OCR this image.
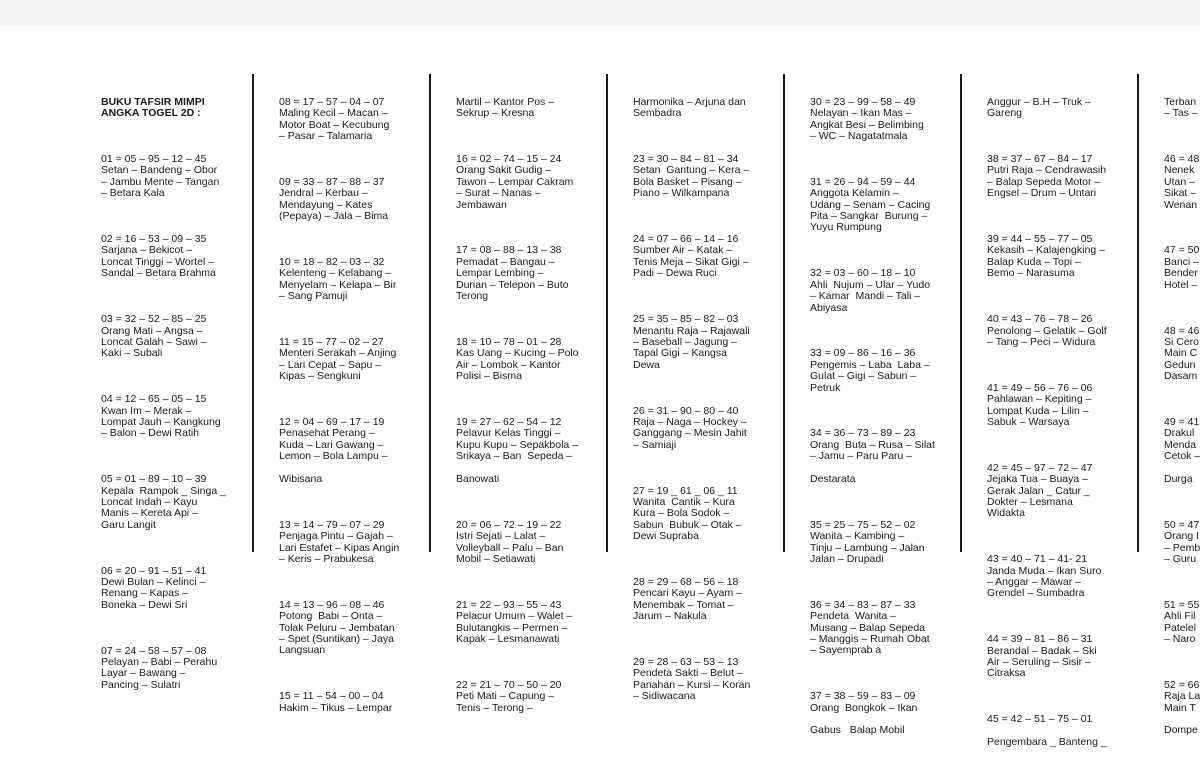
BUKU TAFSIR MIMPI
ANGKA TOGEL 2D :

01 = 05 – 95 – 12 – 45
Setan – Bandeng – Obor
– Jambu Mente – Tangan
– Betara Kala

02 = 16 – 53 – 09 – 35
Sarjana – Bekicot –
Loncat Tinggi – Wortel –
Sandal – Betara Brahma

03 = 32 – 52 – 85 – 25
Orang Mati – Angsa –
Loncat Galah – Sawi –
Kaki – Subali

04 = 12 – 65 – 05 – 15
Kwan Im – Merak –
Lompat Jauh – Kangkung
– Balon – Dewi Ratih

05 = 01 – 89 – 10 – 39
Kepala  Rampok _ Singa _
Loncat Indah – Kayu
Manis – Kereta Api –
Garu Langit

06 = 20 – 91 – 51 – 41
Dewi Bulan – Kelinci –
Renang – Kapas –
Boneka – Dewi Sri

07 = 24 – 58 – 57 – 08
Pelayan – Babi – Perahu
Layar – Bawang –
Pancing – Sulatri

08 = 17 – 57 – 04 – 07
Maling Kecil – Macan –
Motor Boat – Kecubung
– Pasar – Talamaria

09 = 33 – 87 – 88 – 37
Jendral – Kerbau –
Mendayung – Kates
(Pepaya) – Jala – Bima

10 = 18 – 82 – 03 – 32
Kelenteng – Kelabang –
Menyelam – Kelapa – Bir
– Sang Pamuji

11 = 15 – 77 – 02 – 27
Menteri Serakah – Anjing
– Lari Cepat – Sapu –
Kipas – Sengkuni

12 = 04 – 69 – 17 – 19
Penasehat Perang –
Kuda – Lari Gawang –
Lemon – Bola Lampu –

Wibisana

13 = 14 – 79 – 07 – 29
Penjaga Pintu – Gajah –
Lari Estafet – Kipas Angin
– Keris – Prabukesa

14 = 13 – 96 – 08 – 46
Potong  Babi – Onta –
Tolak Peluru – Jembatan
– Spet (Suntikan) – Jaya
Langsuan

15 = 11 – 54 – 00 – 04
Hakim – Tikus – Lempar

Martil – Kantor Pos –
Sekrup – Kresna

16 = 02 – 74 – 15 – 24
Orang Sakit Gudig –
Tawon – Lempar Cakram
– Surat – Nanas –
Jembawan

17 = 08 – 88 – 13 – 38
Pemadat – Bangau –
Lempar Lembing –
Durian – Telepon – Buto
Terong

18 = 10 – 78 – 01 – 28
Kas Uang – Kucing – Polo
Air – Lombok – Kantor
Polisi – Bisma

19 = 27 – 62 – 54 – 12
Pelavur Kelas Tinggi –
Kupu Kupu – Sepakbola –
Srikaya – Ban  Sepeda –

Banowati

20 = 06 – 72 – 19 – 22
Istri Sejati – Lalat –
Volleyball – Palu – Ban
Mobil – Setiawati

21 = 22 – 93 – 55 – 43
Pelacur Umum – Walet –
Bulutangkis – Permen –
Kapak – Lesmanawati

22 = 21 – 70 – 50 – 20
Peti Mati – Capung –
Tenis – Terong –

Harmonika – Arjuna dan
Sembadra

23 = 30 – 84 – 81 – 34
Setan  Gantung – Kera –
Bola Basket – Pisang –
Piano – Wilkampana

24 = 07 – 66 – 14 – 16
Sumber Air – Katak –
Tenis Meja – Sikat Gigi –
Padi – Dewa Ruci

25 = 35 – 85 – 82 – 03
Menantu Raja – Rajawali
– Baseball – Jagung –
Tapal Gigi – Kangsa
Dewa

26 = 31 – 90 – 80 – 40
Raja – Naga – Hockey –
Ganggang – Mesin Jahit
– Samiaji

27 = 19 _ 61 _ 06 _ 11
Wanita  Cantik – Kura
Kura – Bola Sodok –
Sabun  Bubuk – Otak –
Dewi Supraba

28 = 29 – 68 – 56 – 18
Pencari Kayu – Ayam –
Menembak – Tomat –
Jarum – Nakula

29 = 28 – 63 – 53 – 13
Pendeta Sakti – Belut –
Panahan – Kursi – Koran
– Sidiwacana

30 = 23 – 99 – 58 – 49
Nelayan – Ikan Mas –
Angkat Besi – Belimbing
– WC – Nagatatmala

31 = 26 – 94 – 59 – 44
Anggota Kelamin –
Udang – Senam – Cacing
Pita – Sangkar  Burung –
Yuyu Rumpung

32 = 03 – 60 – 18 – 10
Ahli  Nujum – Ular – Yudo
– Kamar  Mandi – Tali –
Abiyasa

33 = 09 – 86 – 16 – 36
Pengemis – Laba  Laba –
Gulat – Gigi – Sabun –
Petruk

34 = 36 – 73 – 89 – 23
Orang  Buta – Rusa – Silat
– Jamu – Paru Paru –

Destarata

35 = 25 – 75 – 52 – 02
Wanita – Kambing –
Tinju – Lambung – Jalan
Jalan – Drupadi

36 = 34 – 83 – 87 – 33
Pendeta  Wanita –
Musang – Balap Sepeda
– Manggis – Rumah Obat
– Sayemprab a

37 = 38 – 59 – 83 – 09
Orang  Bongkok – Ikan

Gabus   Balap Mobil

Anggur – B.H – Truk –
Gareng

38 = 37 – 67 – 84 – 17
Putri Raja – Cendrawasih
– Balap Sepeda Motor –
Engsel – Drum – Untari

39 = 44 – 55 – 77 – 05
Kekasih – Kalajengking –
Balap Kuda – Topi –
Bemo – Narasuma

40 = 43 – 76 – 78 – 26
Penolong – Gelatik – Golf
– Tang – Peci – Widura

41 = 49 – 56 – 76 – 06
Pahlawan – Kepiting –
Lompat Kuda – Lilin –
Sabuk – Warsaya

42 = 45 – 97 – 72 – 47
Jejaka Tua – Buaya –
Gerak Jalan _ Catur _
Dokter – Lesmana
Widakta

43 = 40 – 71 – 41- 21
Janda Muda – Ikan Suro
– Anggar – Mawar –
Grendel – Sumbadra

44 = 39 – 81 – 86 – 31
Berandal – Badak – Ski
Air – Seruling – Sisir –
Citraksa

45 = 42 – 51 – 75 – 01

Pengembara _ Banteng _

Terban
– Tas –

46 = 48
Nenek
Utan –
Sikat –
Wenan

47 = 50
Banci –
Bender
Hotel –

48 = 46
Si Cero
Main C
Gedun
Dasam

49 = 41
Drakul
Menda
Cetok –

Durga

50 = 47
Orang I
– Pemb
– Guru

51 = 55
Ahli Fil
Patelel
– Naro

52 = 66
Raja La
Main T

Dompe
